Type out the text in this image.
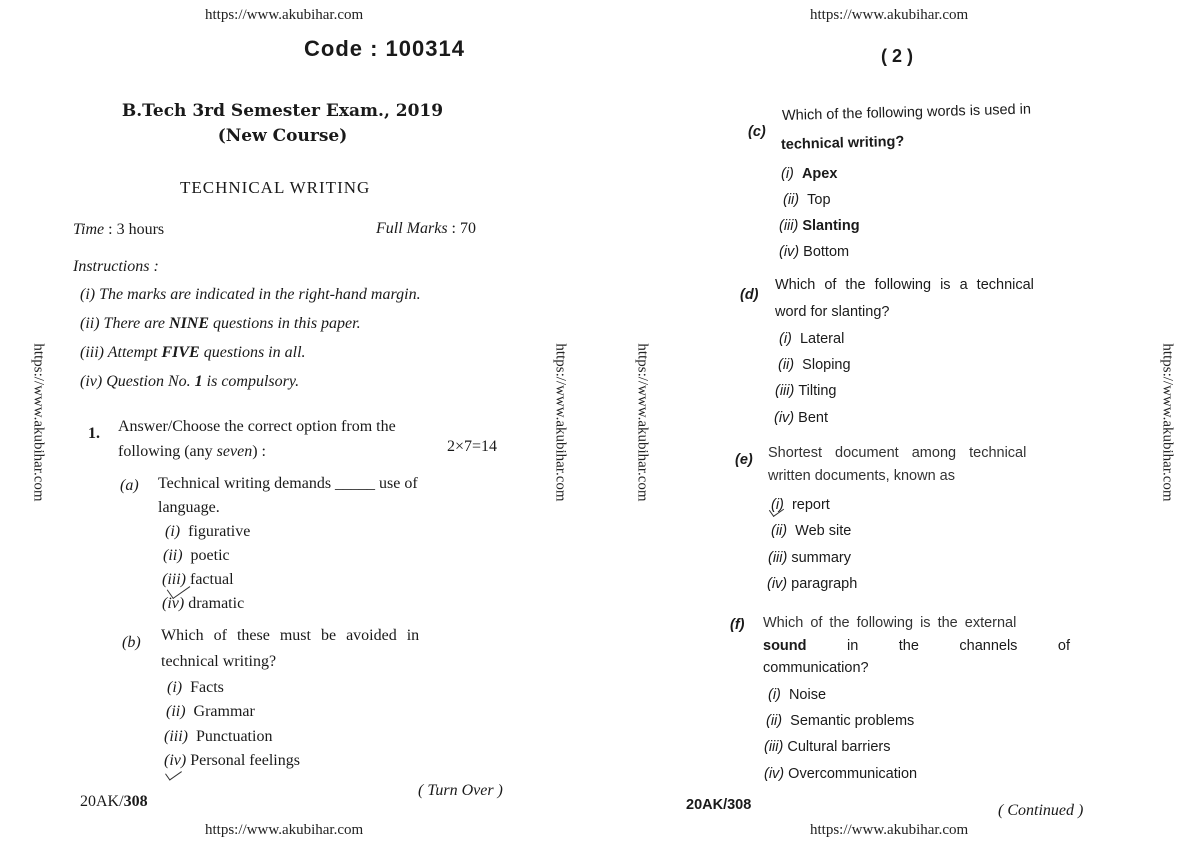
https://www.akubihar.com	https://www.akubihar.com
https://www.akubihar.com	https://www.akubihar.com
https://www.akubihar.com	https://www.akubihar.com	https://www.akubihar.com	https://www.akubihar.com
Code : 100314
B.Tech 3rd Semester Exam., 2019
(New Course)
TECHNICAL WRITING
Time : 3 hours	Full Marks : 70
Instructions :
(i) The marks are indicated in the right-hand margin.
(ii) There are NINE questions in this paper.
(iii) Attempt FIVE questions in all.
(iv) Question No. 1 is compulsory.
1. Answer/Choose the correct option from the
following (any seven) :	2×7=14
(a) Technical writing demands _____ use of
language.
(i) figurative
(ii) poetic
(iii) factual
(iv) dramatic
(b) Which of these must be avoided in
technical writing?
(i) Facts
(ii) Grammar
(iii) Punctuation
(iv) Personal feelings
20AK/308
( Turn Over )
( 2 )
(c)
Which of the following words is used in
technical writing?
(i) Apex
(ii) Top
(iii) Slanting
(iv) Bottom
(d)
Which of the following is a technical
word for slanting?
(i) Lateral
(ii) Sloping
(iii) Tilting
(iv) Bent
(e) Shortest document among technical
written documents, known as
(i) report
(ii) Web site
(iii) summary
(iv) paragraph
(f) Which of the following is the external
sound	in	the	channels	of
communication?
(i) Noise
(ii) Semantic problems
(iii) Cultural barriers
(iv) Overcommunication
20AK/308	( Continued )
